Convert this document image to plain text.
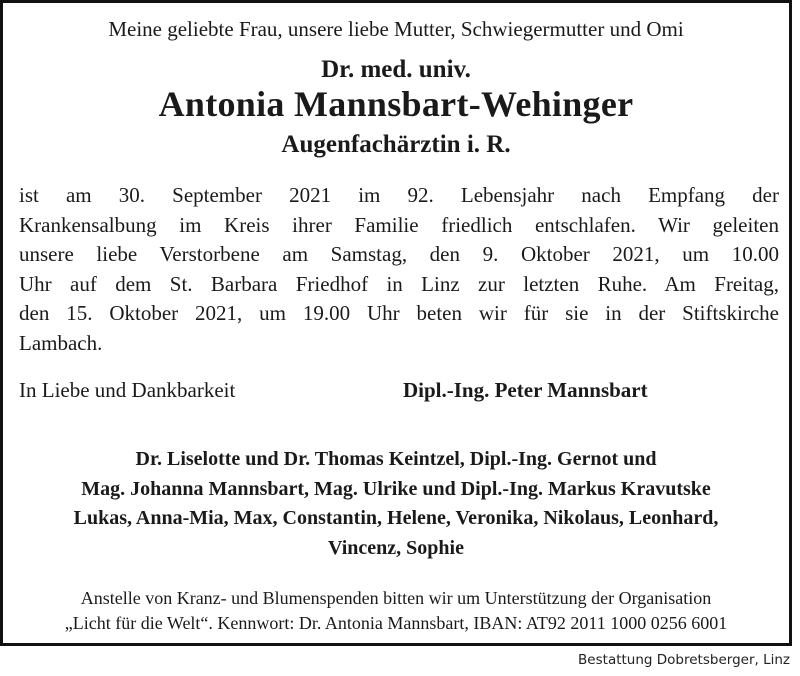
Meine geliebte Frau, unsere liebe Mutter, Schwiegermutter und Omi

Dr. med. univ.

Antonia Mannsbart-Wehinger

Augenfachärztin i. R.

ist am 30. September 2021 im 92. Lebensjahr nach Empfang der
Krankensalbung im Kreis ihrer Familie friedlich entschlafen. Wir geleiten
unsere liebe Verstorbene am Samstag, den 9. Oktober 2021, um 10.00
Uhr auf dem St. Barbara Friedhof in Linz zur letzten Ruhe. Am Freitag,
den 15. Oktober 2021, um 19.00 Uhr beten wir für sie in der Stiftskirche
Lambach.

In Liebe und Dankbarkeit	Dipl.-Ing. Peter Mannsbart

Dr. Liselotte und Dr. Thomas Keintzel, Dipl.-Ing. Gernot und
Mag. Johanna Mannsbart, Mag. Ulrike und Dipl.-Ing. Markus Kravutske
Lukas, Anna-Mia, Max, Constantin, Helene, Veronika, Nikolaus, Leonhard,
Vincenz, Sophie

Anstelle von Kranz- und Blumenspenden bitten wir um Unterstützung der Organisation
„Licht für die Welt“. Kennwort: Dr. Antonia Mannsbart, IBAN: AT92 2011 1000 0256 6001

Bestattung Dobretsberger, Linz
